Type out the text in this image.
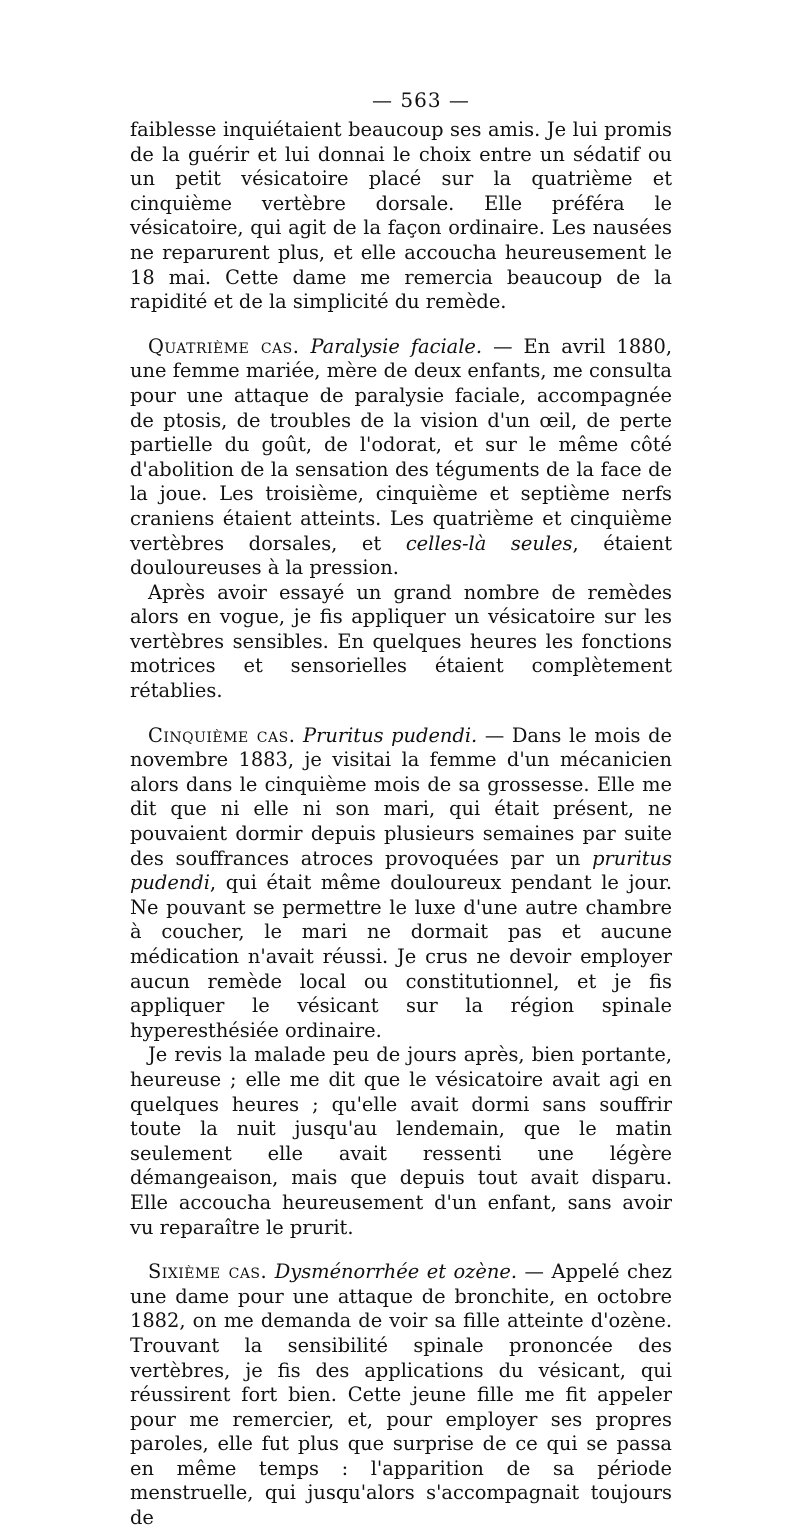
— 563 —

faiblesse inquiétaient beaucoup ses amis. Je lui promis de la guérir et lui donnai le choix entre un sédatif ou un petit vésicatoire placé sur la quatrième et cinquième vertèbre dorsale. Elle préféra le vésicatoire, qui agit de la façon ordinaire. Les nausées ne reparurent plus, et elle accoucha heureusement le 18 mai. Cette dame me remercia beaucoup de la rapidité et de la simplicité du remède.

Quatrième cas. Paralysie faciale. — En avril 1880, une femme mariée, mère de deux enfants, me consulta pour une attaque de paralysie faciale, accompagnée de ptosis, de troubles de la vision d'un œil, de perte partielle du goût, de l'odorat, et sur le même côté d'abolition de la sensation des téguments de la face de la joue. Les troisième, cinquième et septième nerfs craniens étaient atteints. Les quatrième et cinquième vertèbres dorsales, et celles-là seules, étaient douloureuses à la pression.

Après avoir essayé un grand nombre de remèdes alors en vogue, je fis appliquer un vésicatoire sur les vertèbres sensibles. En quelques heures les fonctions motrices et sensorielles étaient complètement rétablies.

Cinquième cas. Pruritus pudendi. — Dans le mois de novembre 1883, je visitai la femme d'un mécanicien alors dans le cinquième mois de sa grossesse. Elle me dit que ni elle ni son mari, qui était présent, ne pouvaient dormir depuis plusieurs semaines par suite des souffrances atroces provoquées par un pruritus pudendi, qui était même douloureux pendant le jour. Ne pouvant se permettre le luxe d'une autre chambre à coucher, le mari ne dormait pas et aucune médication n'avait réussi. Je crus ne devoir employer aucun remède local ou constitutionnel, et je fis appliquer le vésicant sur la région spinale hyperesthésiée ordinaire.

Je revis la malade peu de jours après, bien portante, heureuse ; elle me dit que le vésicatoire avait agi en quelques heures ; qu'elle avait dormi sans souffrir toute la nuit jusqu'au lendemain, que le matin seulement elle avait ressenti une légère démangeaison, mais que depuis tout avait disparu. Elle accoucha heureusement d'un enfant, sans avoir vu reparaître le prurit.

Sixième cas. Dysménorrhée et ozène. — Appelé chez une dame pour une attaque de bronchite, en octobre 1882, on me demanda de voir sa fille atteinte d'ozène. Trouvant la sensibilité spinale prononcée des vertèbres, je fis des applications du vésicant, qui réussirent fort bien. Cette jeune fille me fit appeler pour me remercier, et, pour employer ses propres paroles, elle fut plus que surprise de ce qui se passa en même temps : l'apparition de sa période menstruelle, qui jusqu'alors s'accompagnait toujours de
